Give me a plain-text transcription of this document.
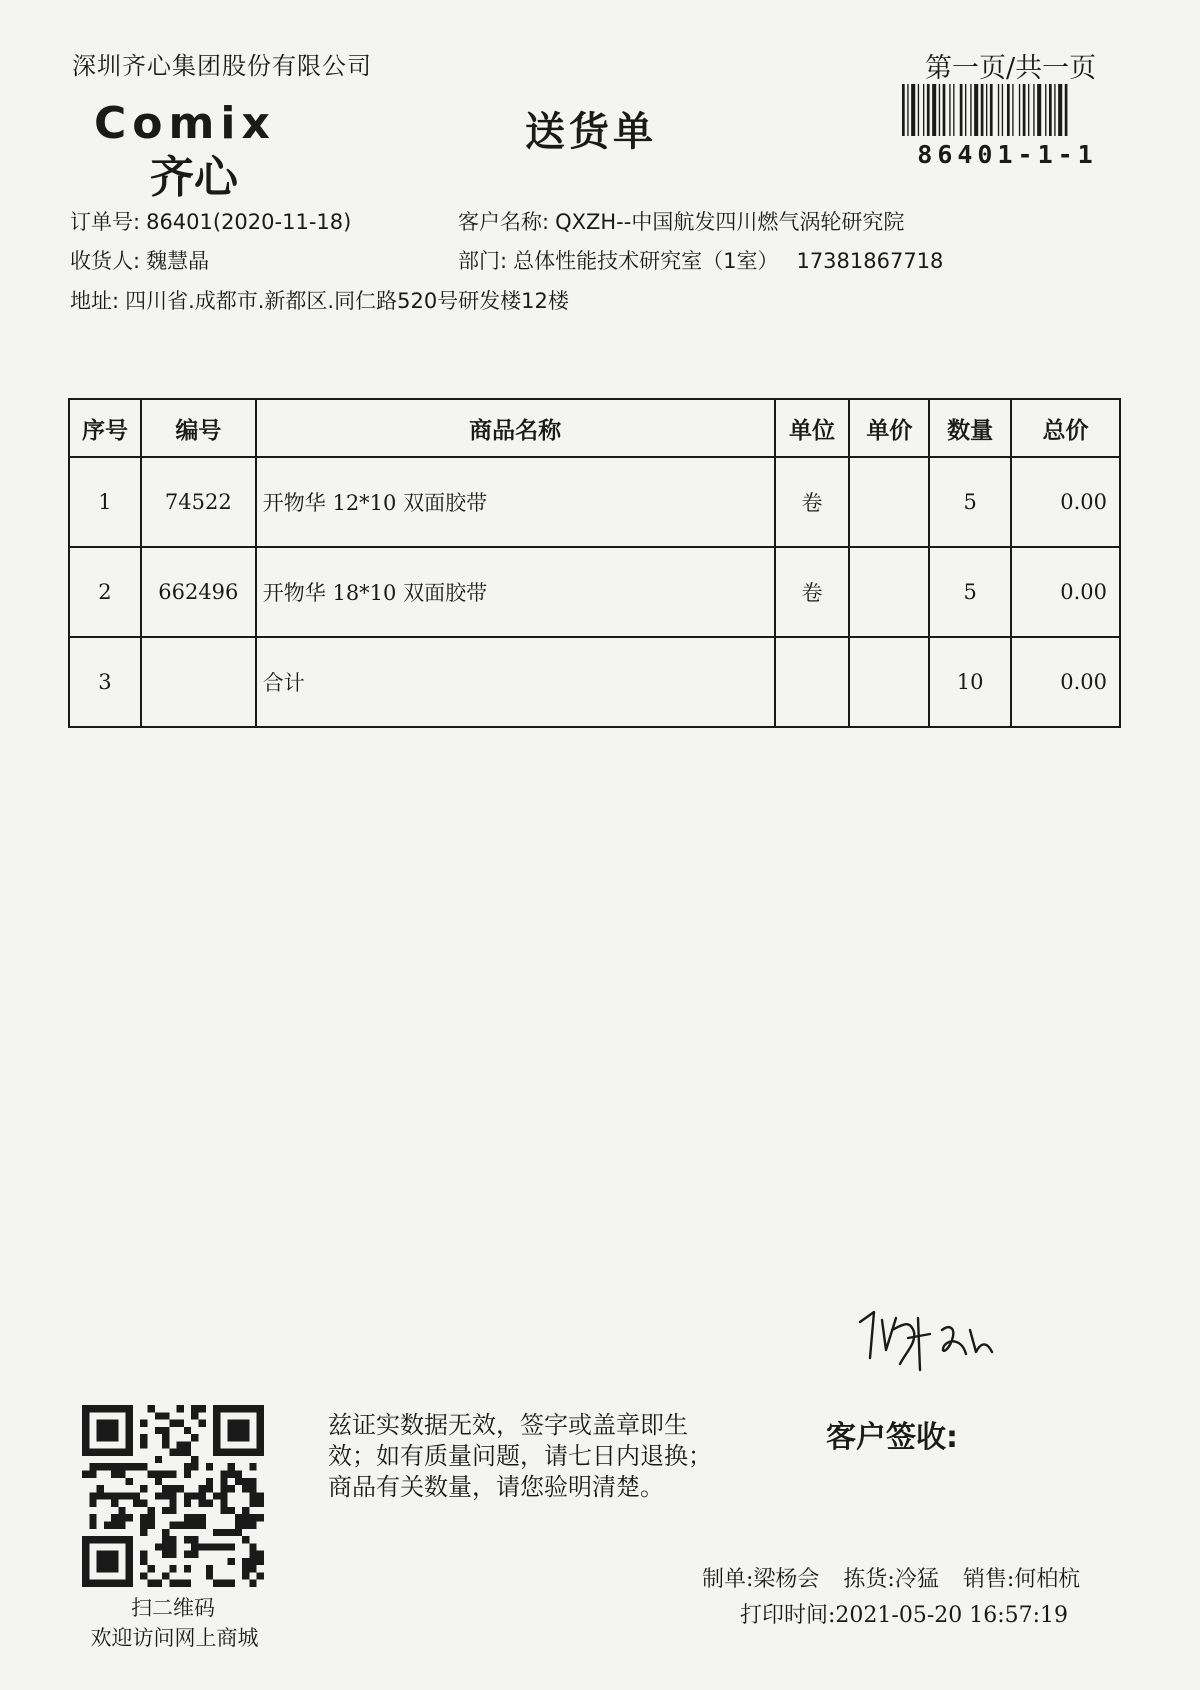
深圳齐心集团股份有限公司
Comix
齐心
送货单
第一页/共一页
86401-1-1
订单号: 86401(2020-11-18)	客户名称: QXZH--中国航发四川燃气涡轮研究院
收货人: 魏慧晶	部门: 总体性能技术研究室（1室） 17381867718
地址: 四川省.成都市.新都区.同仁路520号研发楼12楼
序号	编号	商品名称	单位	单价	数量	总价
1	74522	开物华 12*10 双面胶带	卷		5	0.00
2	662496	开物华 18*10 双面胶带	卷		5	0.00
3		合计			10	0.00
扫二维码
欢迎访问网上商城
兹证实数据无效，签字或盖章即生
效；如有质量问题，请七日内退换；
商品有关数量，请您验明清楚。
客户签收:
制单:梁杨会 拣货:冷猛 销售:何柏杭
打印时间:2021-05-20 16:57:19
